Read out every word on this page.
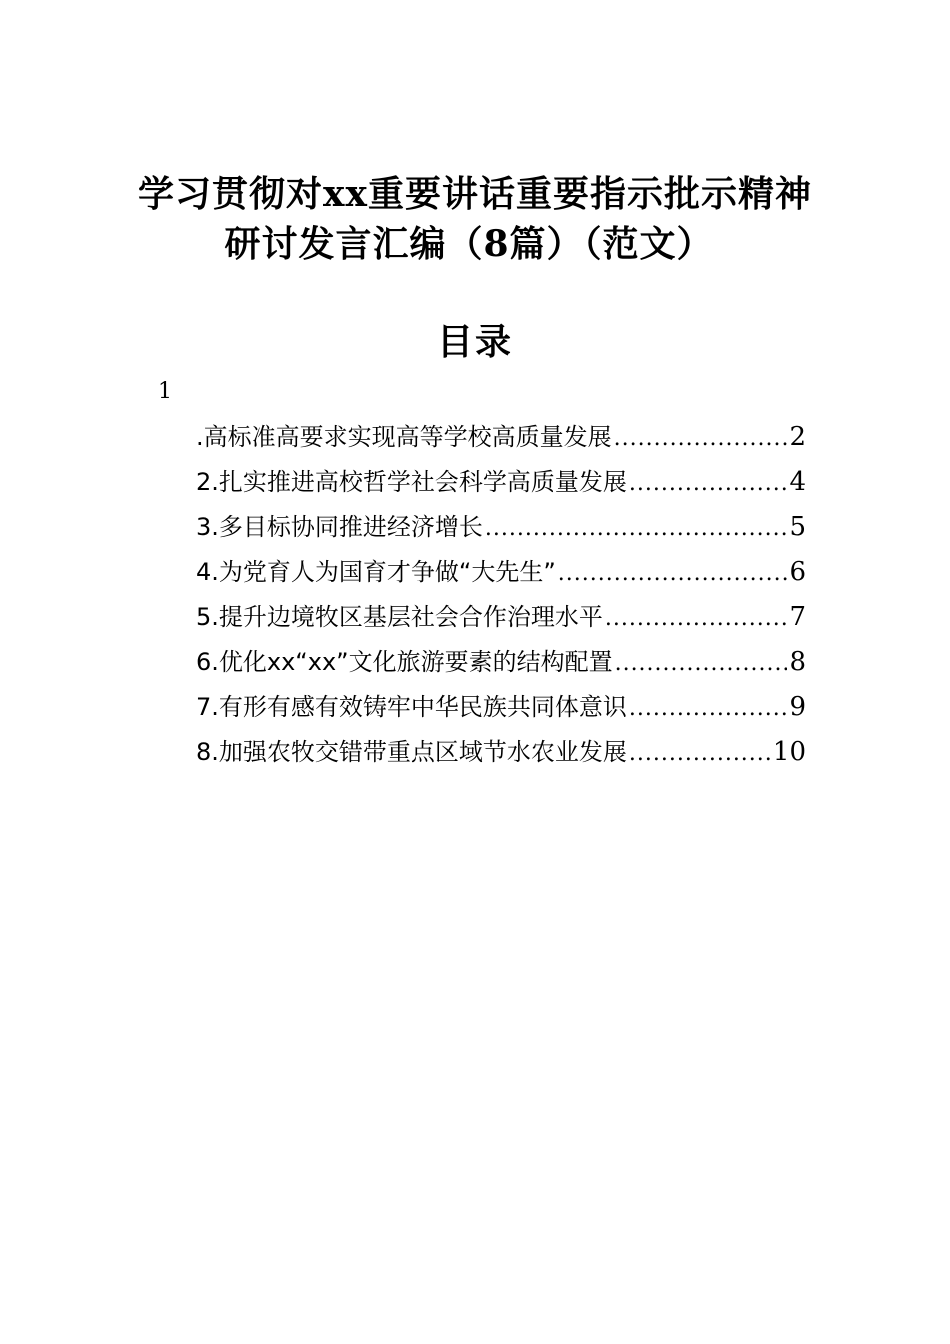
学习贯彻对xx重要讲话重要指示批示精神
研讨发言汇编（8篇）（范文）
目录
1
.高标准高要求实现高等学校高质量发展 .....	2
2.扎实推进高校哲学社会科学高质量发展 .....	4
3.多目标协同推进经济增长 .....	5
4.为党育人为国育才争做“大先生” .....	6
5.提升边境牧区基层社会合作治理水平 .....	7
6.优化xx“xx”文化旅游要素的结构配置 .....	8
7.有形有感有效铸牢中华民族共同体意识 .....	9
8.加强农牧交错带重点区域节水农业发展 .....	10
